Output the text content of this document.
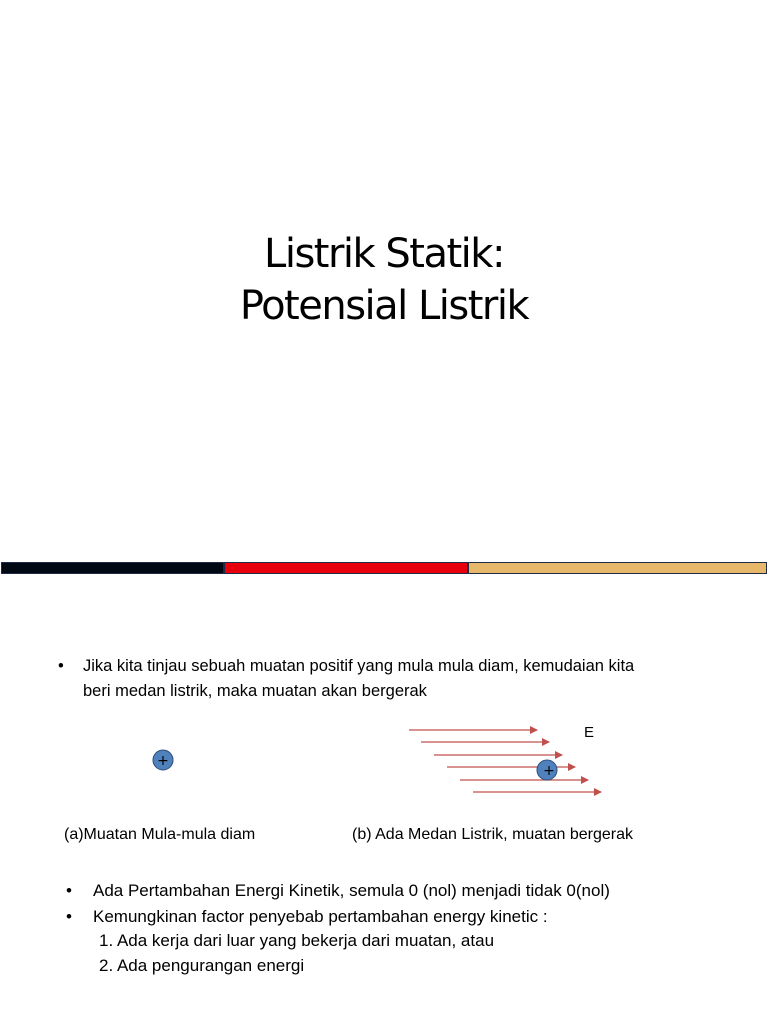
Listrik Statik:
Potensial Listrik
• Jika kita tinjau sebuah muatan positif yang mula mula diam, kemudaian kita
beri medan listrik, maka muatan akan bergerak
+
E
+
(a)Muatan Mula-mula diam	(b) Ada Medan Listrik, muatan bergerak
• Ada Pertambahan Energi Kinetik, semula 0 (nol) menjadi tidak 0(nol)
• Kemungkinan factor penyebab pertambahan energy kinetic :
1. Ada kerja dari luar yang bekerja dari muatan, atau
2. Ada pengurangan energi
